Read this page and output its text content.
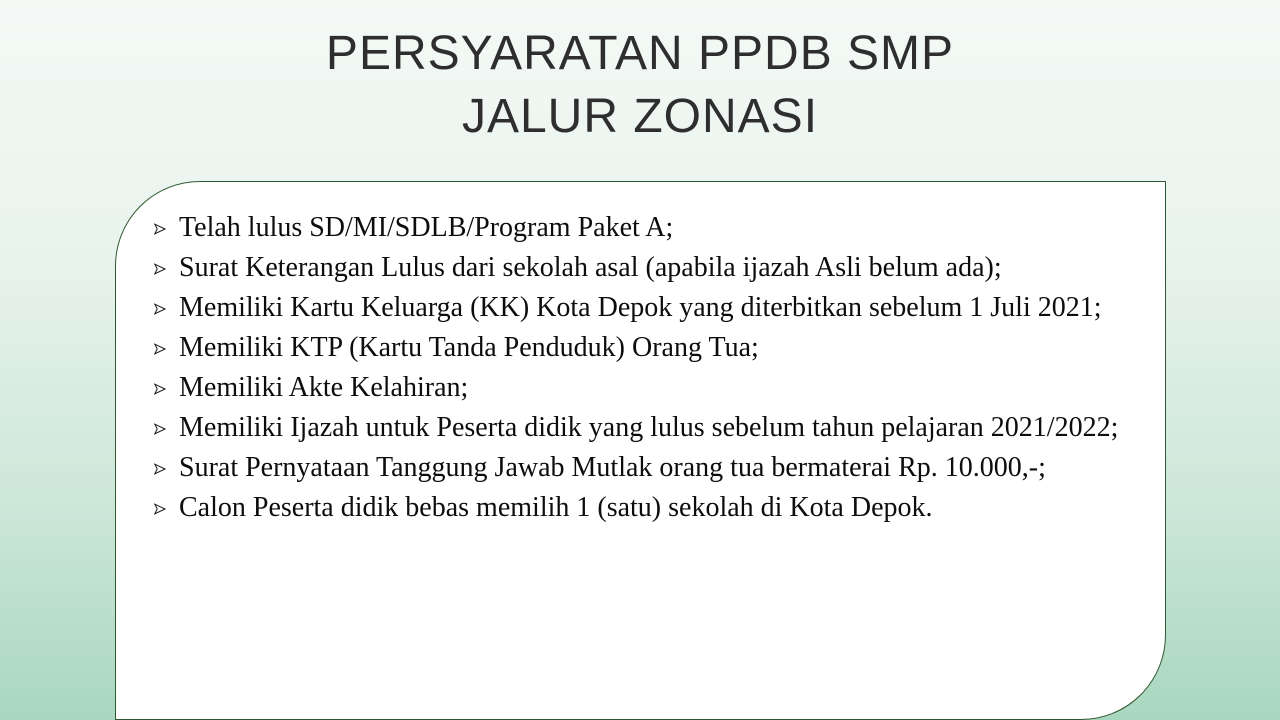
PERSYARATAN PPDB SMP
JALUR ZONASI
Telah lulus SD/MI/SDLB/Program Paket A;
Surat Keterangan Lulus dari sekolah asal (apabila ijazah Asli belum ada);
Memiliki Kartu Keluarga (KK) Kota Depok yang diterbitkan sebelum 1 Juli 2021;
Memiliki KTP (Kartu Tanda Penduduk) Orang Tua;
Memiliki Akte Kelahiran;
Memiliki Ijazah untuk Peserta didik yang lulus sebelum tahun pelajaran 2021/2022;
Surat Pernyataan Tanggung Jawab Mutlak orang tua bermaterai Rp. 10.000,-;
Calon Peserta didik bebas memilih 1 (satu) sekolah di Kota Depok.
